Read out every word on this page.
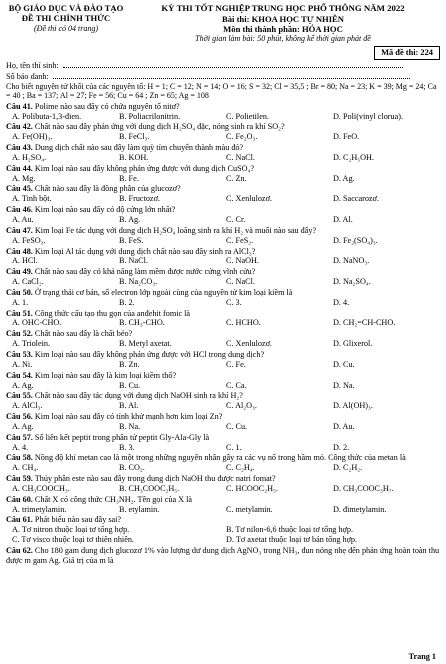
BỘ GIÁO DỤC VÀ ĐÀO TẠO
ĐỀ THI CHÍNH THỨC
(Đề thi có 04 trang)
KỲ THI TỐT NGHIỆP TRUNG HỌC PHỔ THÔNG NĂM 2022
Bài thi: KHOA HỌC TỰ NHIÊN
Môn thi thành phần: HÓA HỌC
Thời gian làm bài: 50 phút, không kể thời gian phát đề
Mã đề thi: 224
Họ, tên thí sinh:
Số báo danh:
Cho biết nguyên tử khối của các nguyên tố: H = 1; C = 12; N = 14; O = 16; S = 32; Cl = 35,5 ; Br = 80; Na = 23; K = 39; Mg = 24; Ca = 40 ; Ba = 137; Al = 27; Fe = 56; Cu = 64 ; Zn = 65; Ag = 108
Câu 41. Polime nào sau đây có chứa nguyên tố nitơ?
A. Polibuta-1,3-đien.	B. Poliacrilonitrin.	C. Polietilen.	D. Poli(vinyl clorua).
Câu 42. Chất nào sau đây phản ứng với dung dịch H₂SO₄ đặc, nóng sinh ra khí SO₂?
A. Fe(OH)₃.	B. FeCl₃.	C. Fe₂O₃.	D. FeO.
Câu 43. Dung dịch chất nào sau đây làm quỳ tím chuyển thành màu đỏ?
A. H₂SO₄.	B. KOH.	C. NaCl.	D. C₂H₅OH.
Câu 44. Kim loại nào sau đây không phản ứng được với dung dịch CuSO₄?
A. Mg.	B. Fe.	C. Zn.	D. Ag.
Câu 45. Chất nào sau đây là đồng phân của glucozơ?
A. Tinh bột.	B. Fructozơ.	C. Xenlulozơ.	D. Saccarozơ.
Câu 46. Kim loại nào sau đây có độ cứng lớn nhất?
A. Au.	B. Ag.	C. Cr.	D. Al.
Câu 47. Kim loại Fe tác dụng với dung dịch H₂SO₄ loãng sinh ra khí H₂ và muối nào sau đây?
A. FeSO₃.	B. FeS.	C. FeS₂.	D. Fe₂(SO₄)₃.
Câu 48. Kim loại Al tác dụng với dung dịch chất nào sau đây sinh ra AlCl₃?
A. HCl.	B. NaCl.	C. NaOH.	D. NaNO₃.
Câu 49. Chất nào sau đây có khả năng làm mềm được nước cứng vĩnh cửu?
A. CaCl₂.	B. Na₂CO₃.	C. NaCl.	D. Na₂SO₄.
Câu 50. Ở trạng thái cơ bản, số electron lớp ngoài cùng của nguyên tử kim loại kiềm là
A. 1.	B. 2.	C. 3.	D. 4.
Câu 51. Công thức cấu tạo thu gọn của anđehit fomic là
A. OHC-CHO.	B. CH₃-CHO.	C. HCHO.	D. CH₂=CH-CHO.
Câu 52. Chất nào sau đây là chất béo?
A. Triolein.	B. Metyl axetat.	C. Xenlulozơ.	D. Glixerol.
Câu 53. Kim loại nào sau đây không phản ứng được với HCl trong dung dịch?
A. Ni.	B. Zn.	C. Fe.	D. Cu.
Câu 54. Kim loại nào sau đây là kim loại kiềm thổ?
A. Ag.	B. Cu.	C. Ca.	D. Na.
Câu 55. Chất nào sau đây tác dụng với dung dịch NaOH sinh ra khí H₂?
A. AlCl₃.	B. Al.	C. Al₂O₃.	D. Al(OH)₃.
Câu 56. Kim loại nào sau đây có tính khử mạnh hơn kim loại Zn?
A. Ag.	B. Na.	C. Cu.	D. Au.
Câu 57. Số liên kết peptit trong phân tử peptit Gly-Ala-Gly là
A. 4.	B. 3.	C. 1.	D. 2.
Câu 58. Nồng độ khí metan cao là một trong những nguyên nhân gây ra các vụ nổ trong hầm mỏ. Công thức của metan là
A. CH₄.	B. CO₂.	C. C₂H₄.	D. C₂H₂.
Câu 59. Thủy phân este nào sau đây trong dung dịch NaOH thu được natri fomat?
A. CH₃COOCH₃.	B. CH₃COOC₂H₅.	C. HCOOC₂H₅.	D. CH₃COOC₃H₇.
Câu 60. Chất X có công thức CH₃NH₂. Tên gọi của X là
A. trimetylamin.	B. etylamin.	C. metylamin.	D. đimetylamin.
Câu 61. Phát biểu nào sau đây sai?
A. Tơ nitron thuộc loại tơ tổng hợp.	B. Tơ nilon-6,6 thuộc loại tơ tổng hợp.
C. Tơ visco thuộc loại tơ thiên nhiên.	D. Tơ axetat thuộc loại tơ bán tổng hợp.
Câu 62. Cho 180 gam dung dịch glucozơ 1% vào lượng dư dung dịch AgNO₃ trong NH₃, đun nóng nhẹ đến phản ứng hoàn toàn thu được m gam Ag. Giá trị của m là
Trang 1
